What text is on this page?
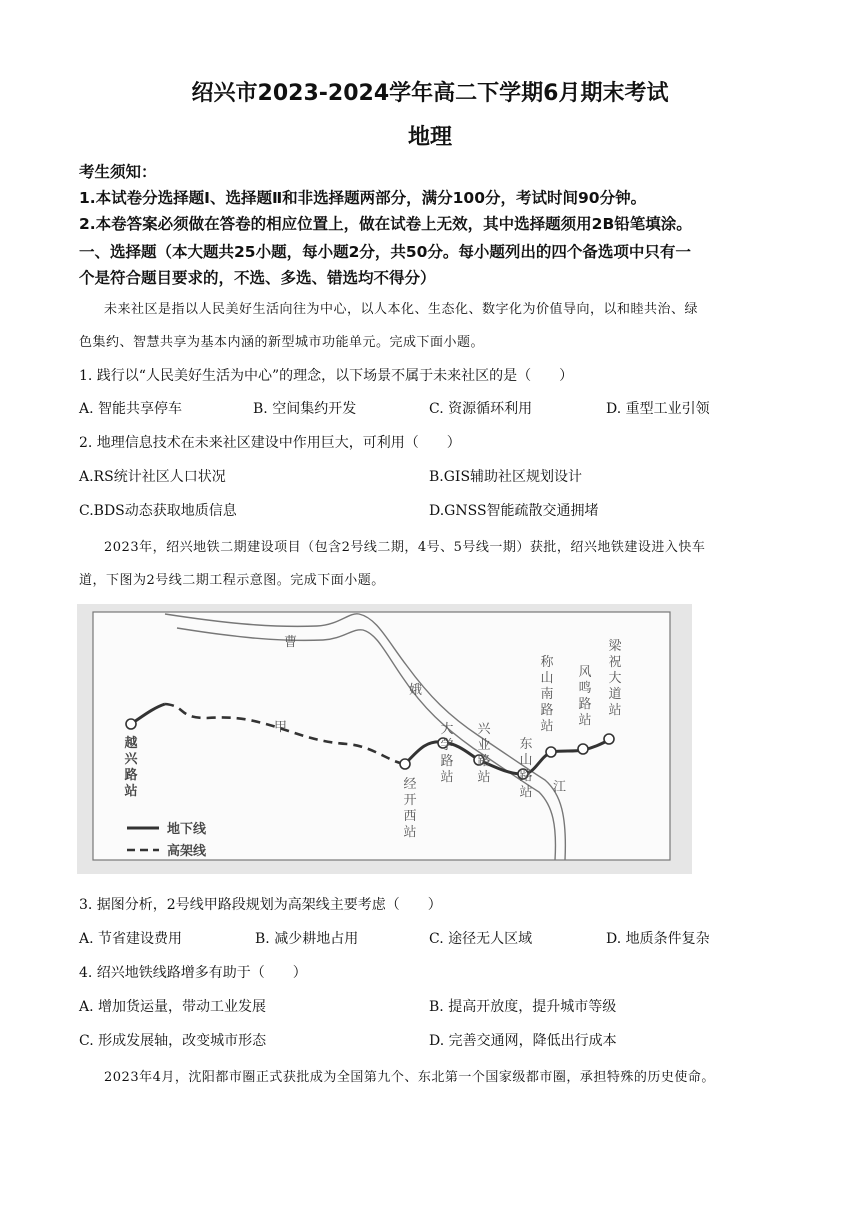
绍兴市2023-2024学年高二下学期6月期末考试
地理
考生须知：
1.本试卷分选择题Ⅰ、选择题Ⅱ和非选择题两部分，满分100分，考试时间90分钟。
2.本卷答案必须做在答卷的相应位置上，做在试卷上无效，其中选择题须用2B铅笔填涂。
一、选择题（本大题共25小题，每小题2分，共50分。每小题列出的四个备选项中只有一
个是符合题目要求的，不选、多选、错选均不得分）
未来社区是指以人民美好生活向往为中心，以人本化、生态化、数字化为价值导向，以和睦共治、绿
色集约、智慧共享为基本内涵的新型城市功能单元。完成下面小题。
1. 践行以“人民美好生活为中心”的理念，以下场景不属于未来社区的是（　　）
A. 智能共享停车	B. 空间集约开发	C. 资源循环利用	D. 重型工业引领
2. 地理信息技术在未来社区建设中作用巨大，可利用（　　）
A.RS统计社区人口状况	B.GIS辅助社区规划设计
C.BDS动态获取地质信息	D.GNSS智能疏散交通拥堵
2023年，绍兴地铁二期建设项目（包含2号线二期，4号、5号线一期）获批，绍兴地铁建设进入快车
道，下图为2号线二期工程示意图。完成下面小题。
曹
娥
江
甲
越兴路站	经开西站
大学路站
兴业路站
东山路站
称山南路站
风鸣路站
梁祝大道站
地下线
高架线
3. 据图分析，2号线甲路段规划为高架线主要考虑（　　）
A. 节省建设费用	B. 减少耕地占用	C. 途径无人区域	D. 地质条件复杂
4. 绍兴地铁线路增多有助于（　　）
A. 增加货运量，带动工业发展	B. 提高开放度，提升城市等级
C. 形成发展轴，改变城市形态	D. 完善交通网，降低出行成本
2023年4月，沈阳都市圈正式获批成为全国第九个、东北第一个国家级都市圈，承担特殊的历史使命。
